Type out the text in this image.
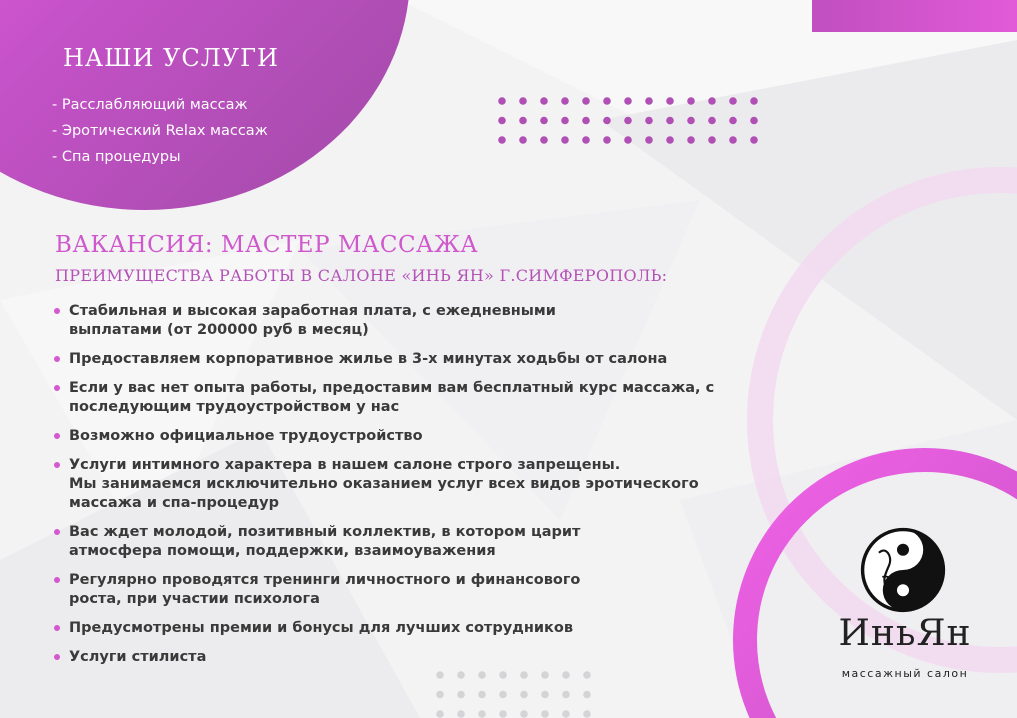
НАШИ УСЛУГИ
- Расслабляющий массаж
- Эротический Relax массаж
- Спа процедуры
ВАКАНСИЯ: МАСТЕР МАССАЖА
ПРЕИМУЩЕСТВА РАБОТЫ В САЛОНЕ «ИНЬ ЯН» Г.СИМФЕРОПОЛЬ:
Стабильная и высокая заработная плата, с ежедневными
выплатами (от 200000 руб в месяц)
Предоставляем корпоративное жилье в 3-х минутах ходьбы от салона
Если у вас нет опыта работы, предоставим вам бесплатный курс массажа, с
последующим трудоустройством у нас
Возможно официальное трудоустройство
Услуги интимного характера в нашем салоне строго запрещены.
Мы занимаемся исключительно оказанием услуг всех видов эротического
массажа и спа-процедур
Вас ждет молодой, позитивный коллектив, в котором царит
атмосфера помощи, поддержки, взаимоуважения
Регулярно проводятся тренинги личностного и финансового
роста, при участии психолога
Предусмотрены премии и бонусы для лучших сотрудников
Услуги стилиста
ИньЯн
массажный салон
